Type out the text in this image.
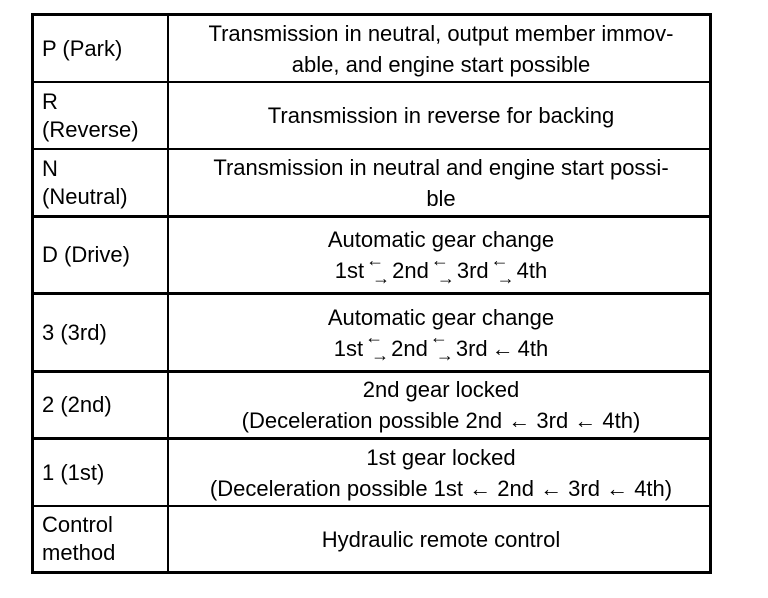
P (Park)
Transmission in neutral, output member immov-
able, and engine start possible
R (Reverse)
Transmission in reverse for backing
N (Neutral)
Transmission in neutral and engine start possi-
ble
D (Drive)
Automatic gear change
1st ←
→ 2nd ←
→ 3rd ←
→ 4th
3 (3rd)
Automatic gear change
1st ←
→ 2nd ←
→ 3rd ← 4th
2 (2nd)
2nd gear locked
(Deceleration possible 2nd ← 3rd ← 4th)
1 (1st)
1st gear locked
(Deceleration possible 1st ← 2nd ← 3rd ← 4th)
Control method
Hydraulic remote control
